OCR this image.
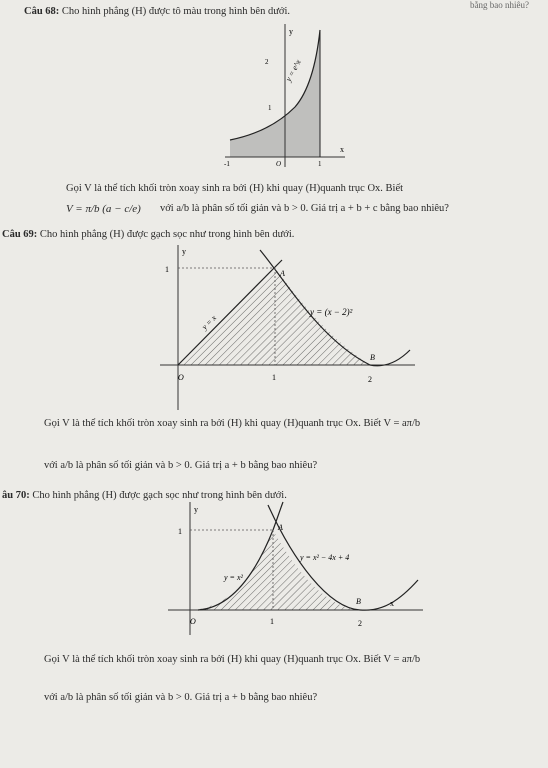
bằng bao nhiêu?
Câu 68: Cho hình phẳng (H) được tô màu trong hình bên dưới.
y
x
2
1
-1	O	1
y = e^x
Gọi V là thể tích khối tròn xoay sinh ra bởi (H) khi quay (H)quanh trục Ox. Biết
V = π/b (a − c/e) với a/b là phân số tối giản và b > 0. Giá trị a + b + c bằng bao nhiêu?
Câu 69: Cho hình phẳng (H) được gạch sọc như trong hình bên dưới.
y
1	A
B
O	1	2
y = x
y = (x − 2)²
Gọi V là thể tích khối tròn xoay sinh ra bởi (H) khi quay (H)quanh trục Ox. Biết V = aπ/b
với a/b là phân số tối giản và b > 0. Giá trị a + b bằng bao nhiêu?
âu 70: Cho hình phẳng (H) được gạch sọc như trong hình bên dưới.
y
x
1	A
B
O	1	2
y = x²
y = x² − 4x + 4
Gọi V là thể tích khối tròn xoay sinh ra bởi (H) khi quay (H)quanh trục Ox. Biết V = aπ/b
với a/b là phân số tối giản và b > 0. Giá trị a + b bằng bao nhiêu?
